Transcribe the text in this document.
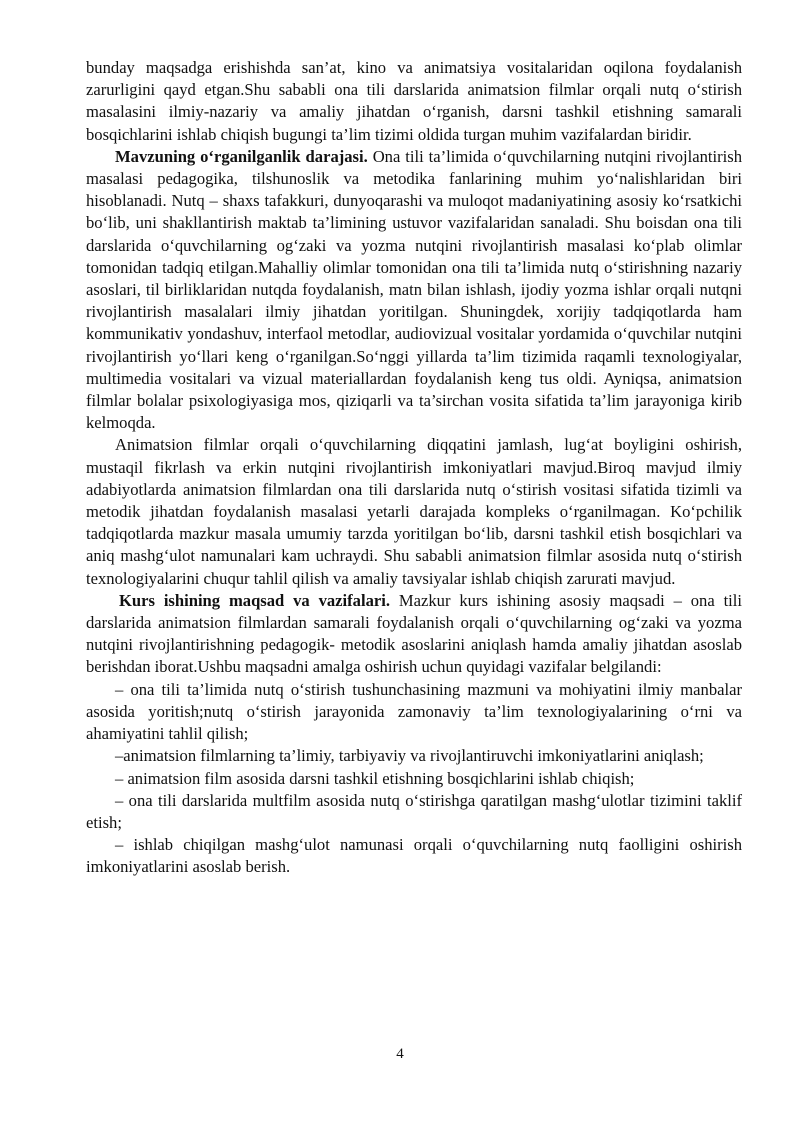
bunday maqsadga erishishda san’at, kino va animatsiya vositalaridan oqilona foydalanish zarurligini qayd etgan.Shu sababli ona tili darslarida animatsion filmlar orqali nutq o‘stirish masalasini ilmiy-nazariy va amaliy jihatdan o‘rganish, darsni tashkil etishning samarali bosqichlarini ishlab chiqish bugungi ta’lim tizimi oldida turgan muhim vazifalardan biridir.

Mavzuning o‘rganilganlik darajasi. Ona tili ta’limida o‘quvchilarning nutqini rivojlantirish masalasi pedagogika, tilshunoslik va metodika fanlarining muhim yo‘nalishlaridan biri hisoblanadi. Nutq – shaxs tafakkuri, dunyoqarashi va muloqot madaniyatining asosiy ko‘rsatkichi bo‘lib, uni shakllantirish maktab ta’limining ustuvor vazifalaridan sanaladi. Shu boisdan ona tili darslarida o‘quvchilarning og‘zaki va yozma nutqini rivojlantirish masalasi ko‘plab olimlar tomonidan tadqiq etilgan.Mahalliy olimlar tomonidan ona tili ta’limida nutq o‘stirishning nazariy asoslari, til birliklaridan nutqda foydalanish, matn bilan ishlash, ijodiy yozma ishlar orqali nutqni rivojlantirish masalalari ilmiy jihatdan yoritilgan. Shuningdek, xorijiy tadqiqotlarda ham kommunikativ yondashuv, interfaol metodlar, audiovizual vositalar yordamida o‘quvchilar nutqini rivojlantirish yo‘llari keng o‘rganilgan.So‘nggi yillarda ta’lim tizimida raqamli texnologiyalar, multimedia vositalari va vizual materiallardan foydalanish keng tus oldi. Ayniqsa, animatsion filmlar bolalar psixologiyasiga mos, qiziqarli va ta’sirchan vosita sifatida ta’lim jarayoniga kirib kelmoqda.

Animatsion filmlar orqali o‘quvchilarning diqqatini jamlash, lug‘at boyligini oshirish, mustaqil fikrlash va erkin nutqini rivojlantirish imkoniyatlari mavjud.Biroq mavjud ilmiy adabiyotlarda animatsion filmlardan ona tili darslarida nutq o‘stirish vositasi sifatida tizimli va metodik jihatdan foydalanish masalasi yetarli darajada kompleks o‘rganilmagan. Ko‘pchilik tadqiqotlarda mazkur masala umumiy tarzda yoritilgan bo‘lib, darsni tashkil etish bosqichlari va aniq mashg‘ulot namunalari kam uchraydi. Shu sababli animatsion filmlar asosida nutq o‘stirish texnologiyalarini chuqur tahlil qilish va amaliy tavsiyalar ishlab chiqish zarurati mavjud.

Kurs ishining maqsad va vazifalari. Mazkur kurs ishining asosiy maqsadi – ona tili darslarida animatsion filmlardan samarali foydalanish orqali o‘quvchilarning og‘zaki va yozma nutqini rivojlantirishning pedagogik- metodik asoslarini aniqlash hamda amaliy jihatdan asoslab berishdan iborat.Ushbu maqsadni amalga oshirish uchun quyidagi vazifalar belgilandi:

– ona tili ta’limida nutq o‘stirish tushunchasining mazmuni va mohiyatini ilmiy manbalar asosida yoritish;nutq o‘stirish jarayonida zamonaviy ta’lim texnologiyalarining o‘rni va ahamiyatini tahlil qilish;

–animatsion filmlarning ta’limiy, tarbiyaviy va rivojlantiruvchi imkoniyatlarini aniqlash;

– animatsion film asosida darsni tashkil etishning bosqichlarini ishlab chiqish;

– ona tili darslarida multfilm asosida nutq o‘stirishga qaratilgan mashg‘ulotlar tizimini taklif etish;

– ishlab chiqilgan mashg‘ulot namunasi orqali o‘quvchilarning nutq faolligini oshirish imkoniyatlarini asoslab berish.

4
